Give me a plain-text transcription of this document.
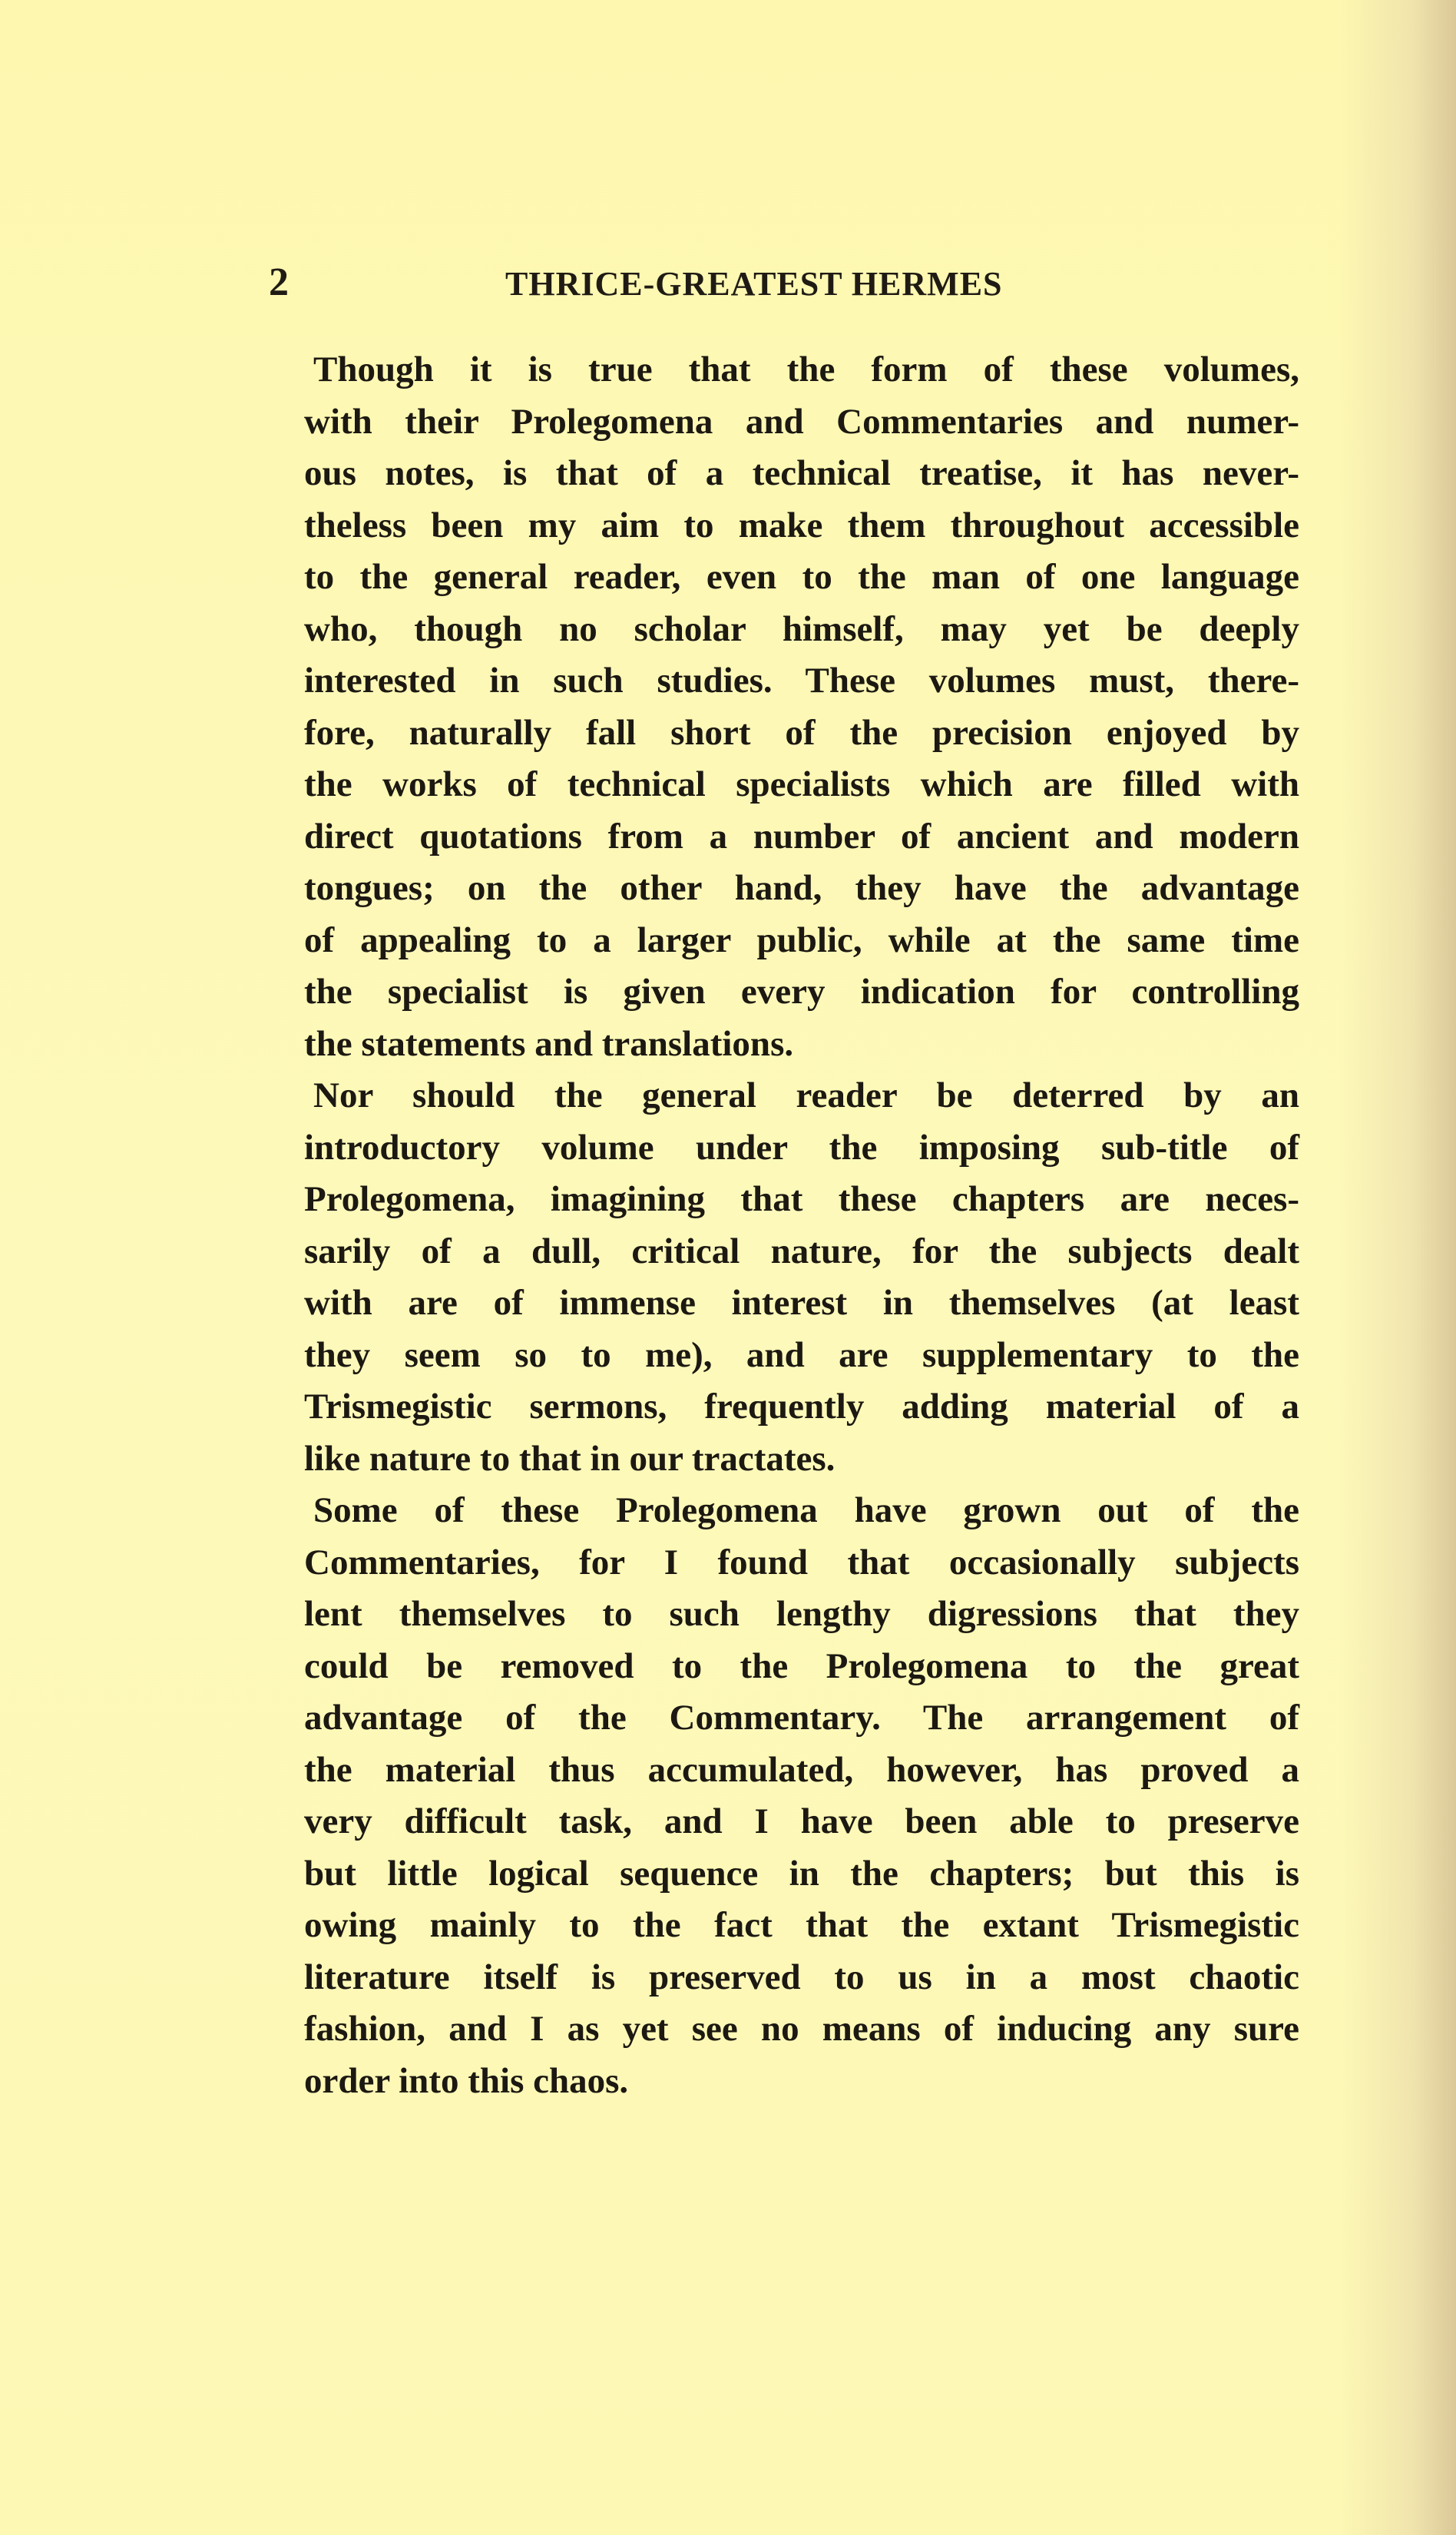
2	THRICE-GREATEST HERMES
Though it is true that the form of these volumes,
with their Prolegomena and Commentaries and numer-
ous notes, is that of a technical treatise, it has never-
theless been my aim to make them throughout accessible
to the general reader, even to the man of one language
who, though no scholar himself, may yet be deeply
interested in such studies. These volumes must, there-
fore, naturally fall short of the precision enjoyed by
the works of technical specialists which are filled with
direct quotations from a number of ancient and modern
tongues; on the other hand, they have the advantage
of appealing to a larger public, while at the same time
the specialist is given every indication for controlling
the statements and translations.
Nor should the general reader be deterred by an
introductory volume under the imposing sub-title of
Prolegomena, imagining that these chapters are neces-
sarily of a dull, critical nature, for the subjects dealt
with are of immense interest in themselves (at least
they seem so to me), and are supplementary to the
Trismegistic sermons, frequently adding material of a
like nature to that in our tractates.
Some of these Prolegomena have grown out of the
Commentaries, for I found that occasionally subjects
lent themselves to such lengthy digressions that they
could be removed to the Prolegomena to the great
advantage of the Commentary. The arrangement of
the material thus accumulated, however, has proved a
very difficult task, and I have been able to preserve
but little logical sequence in the chapters; but this is
owing mainly to the fact that the extant Trismegistic
literature itself is preserved to us in a most chaotic
fashion, and I as yet see no means of inducing any sure
order into this chaos.
